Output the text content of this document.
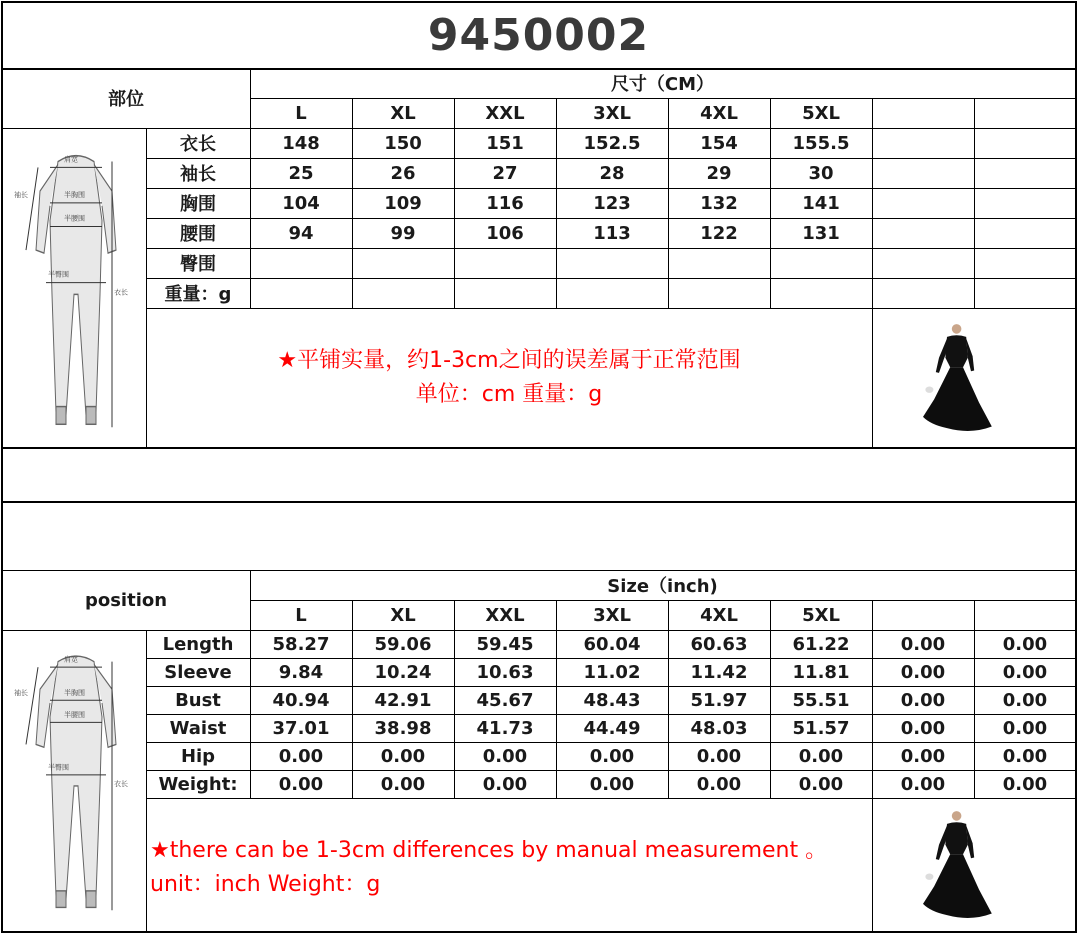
9450002
部位
尺寸（CM）
L	XL	XXL	3XL	4XL	5XL
衣长	148	150	151	152.5	154	155.5
袖长	25	26	27	28	29	30
胸围	104	109	116	123	132	141
腰围	94	99	106	113	122	131
臀围
重量：g
肩宽
半胸围
半腰围
半臀围
袖长
衣长
★平铺实量，约1-3cm之间的误差属于正常范围
单位：cm 重量：g
position
Size（inch)
L	XL	XXL	3XL	4XL	5XL
Length	58.27	59.06	59.45	60.04	60.63	61.22	0.00	0.00
Sleeve	9.84	10.24	10.63	11.02	11.42	11.81	0.00	0.00
Bust	40.94	42.91	45.67	48.43	51.97	55.51	0.00	0.00
Waist	37.01	38.98	41.73	44.49	48.03	51.57	0.00	0.00
Hip	0.00	0.00	0.00	0.00	0.00	0.00	0.00	0.00
Weight:	0.00	0.00	0.00	0.00	0.00	0.00	0.00	0.00
肩宽
半胸围
半腰围
半臀围
袖长
衣长
★there can be 1-3cm differences by manual measurement 。 unit：inch Weight：g
